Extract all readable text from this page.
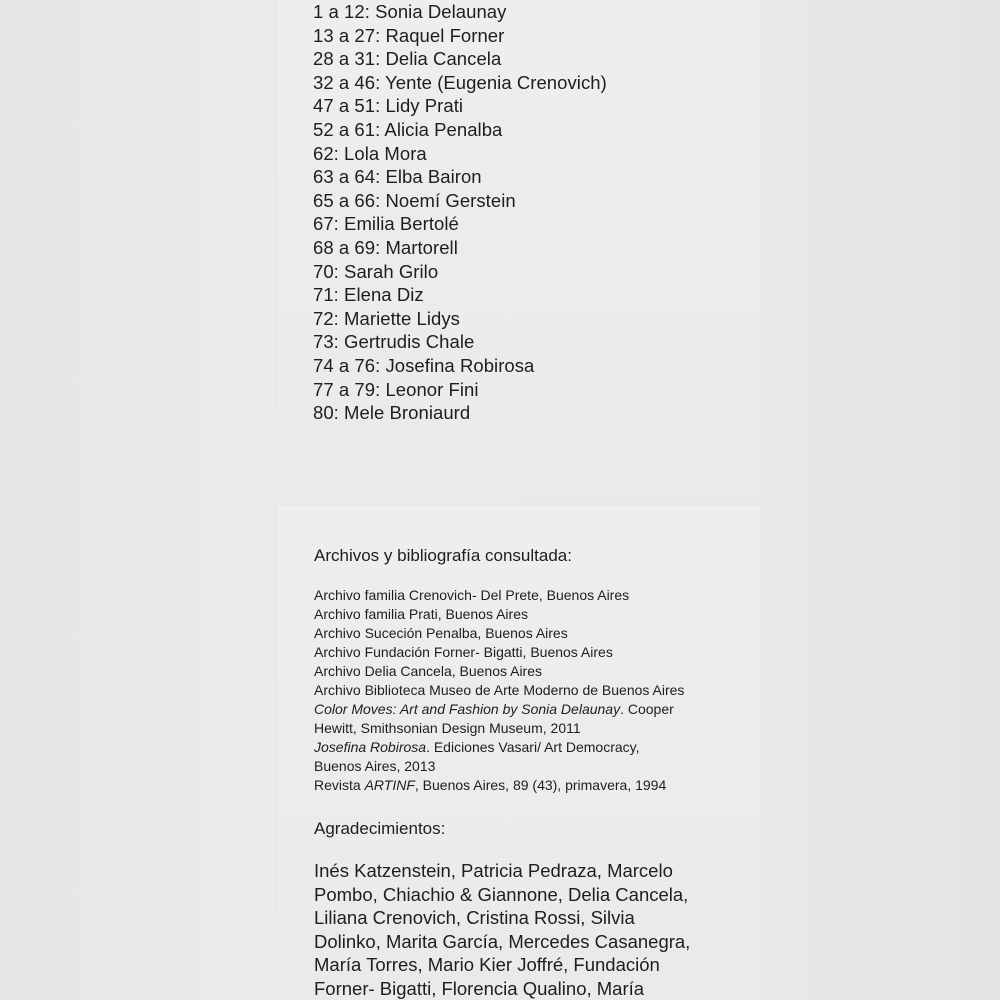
1 a 12: Sonia Delaunay
13 a 27: Raquel Forner
28 a 31: Delia Cancela
32 a 46: Yente (Eugenia Crenovich)
47 a 51: Lidy Prati
52 a 61: Alicia Penalba
62: Lola Mora
63 a 64: Elba Bairon
65 a 66: Noemí Gerstein
67: Emilia Bertolé
68 a 69: Martorell
70: Sarah Grilo
71: Elena Diz
72: Mariette Lidys
73: Gertrudis Chale
74 a 76: Josefina Robirosa
77 a 79: Leonor Fini
80: Mele Broniaurd
Archivos y bibliografía consultada:
Archivo familia Crenovich- Del Prete, Buenos Aires
Archivo familia Prati, Buenos Aires
Archivo Suceción Penalba, Buenos Aires
Archivo Fundación Forner- Bigatti, Buenos Aires
Archivo Delia Cancela, Buenos Aires
Archivo Biblioteca Museo de Arte Moderno de Buenos Aires
Color Moves: Art and Fashion by Sonia Delaunay. Cooper
Hewitt, Smithsonian Design Museum, 2011
Josefina Robirosa. Ediciones Vasari/ Art Democracy,
Buenos Aires, 2013
Revista ARTINF, Buenos Aires, 89 (43), primavera, 1994
Agradecimientos:
Inés Katzenstein, Patricia Pedraza, Marcelo
Pombo, Chiachio & Giannone, Delia Cancela,
Liliana Crenovich, Cristina Rossi, Silvia
Dolinko, Marita García, Mercedes Casanegra,
María Torres, Mario Kier Joffré, Fundación
Forner- Bigatti, Florencia Qualino, María
